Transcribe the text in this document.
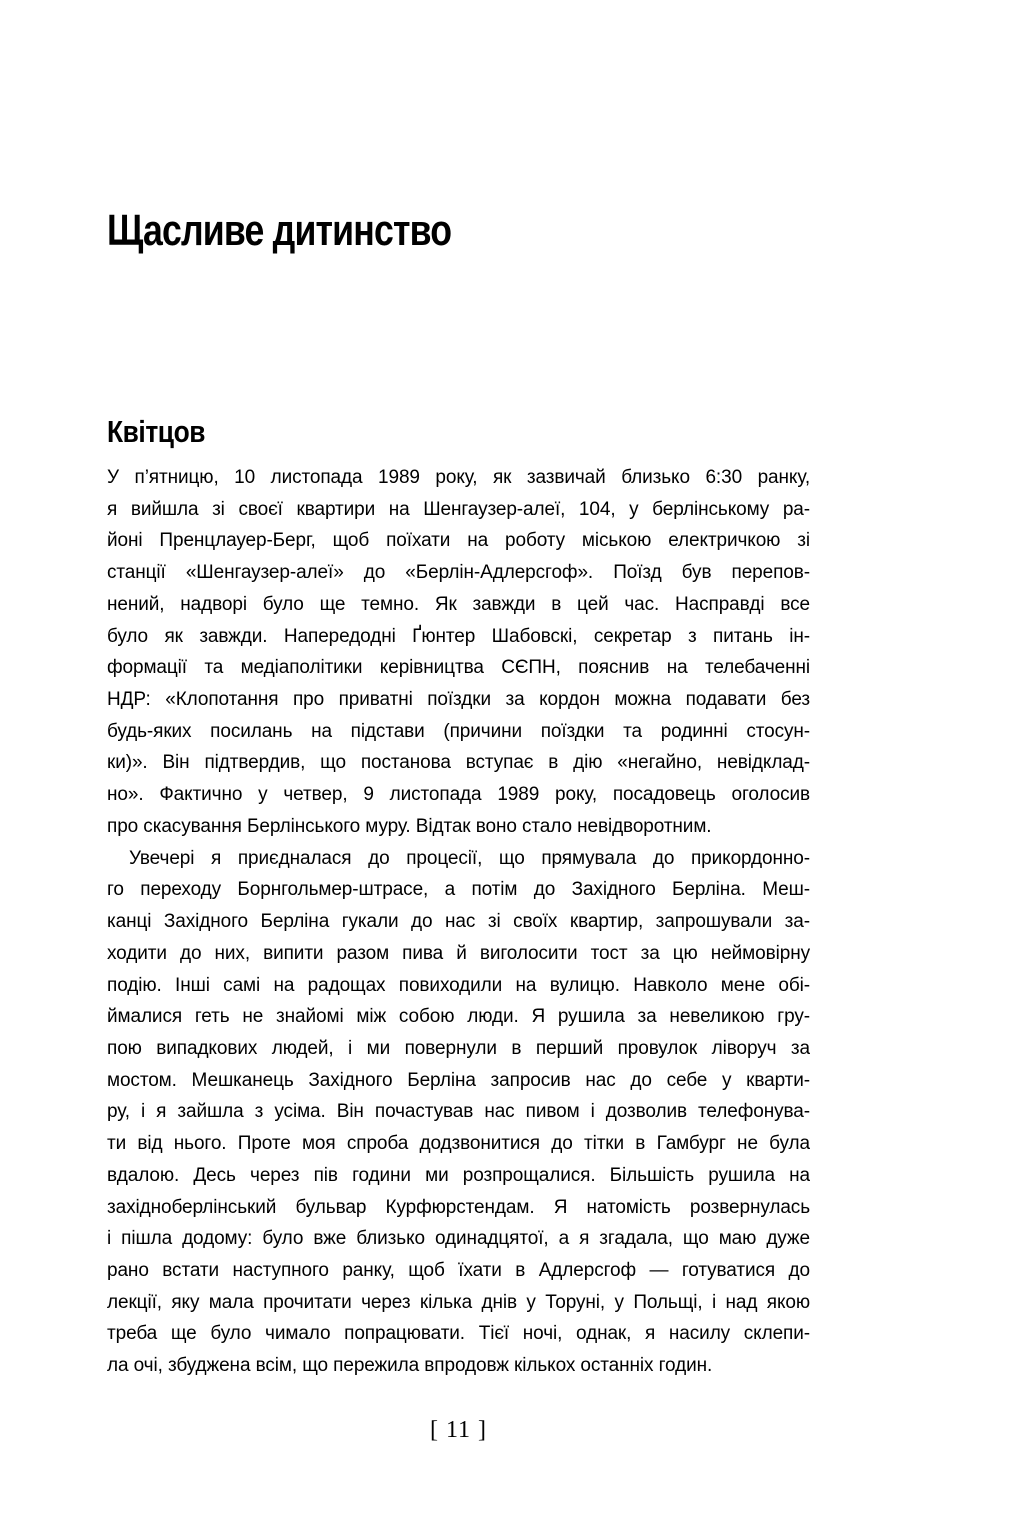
Щасливе дитинство
Квітцов
У п’ятницю, 10 листопада 1989 року, як зазвичай близько 6:30 ранку,
я вийшла зі своєї квартири на Шенгаузер-алеї, 104, у берлінському ра-
йоні Пренцлауер-Берг, щоб поїхати на роботу міською електричкою зі
станції «Шенгаузер-алеї» до «Берлін-Адлерсгоф». Поїзд був перепов-
нений, надворі було ще темно. Як завжди в цей час. Насправді все
було як завжди. Напередодні Ґюнтер Шабовскі, секретар з питань ін-
формації та медіаполітики керівництва СЄПН, пояснив на телебаченні
НДР: «Клопотання про приватні поїздки за кордон можна подавати без
будь-яких посилань на підстави (причини поїздки та родинні стосун-
ки)». Він підтвердив, що постанова вступає в дію «негайно, невідклад-
но». Фактично у четвер, 9 листопада 1989 року, посадовець оголосив
про скасування Берлінського муру. Відтак воно стало невідворотним.
Увечері я приєдналася до процесії, що прямувала до прикордонно-
го переходу Борнгольмер-штрасе, а потім до Західного Берліна. Меш-
канці Західного Берліна гукали до нас зі своїх квартир, запрошували за-
ходити до них, випити разом пива й виголосити тост за цю неймовірну
подію. Інші самі на радощах повиходили на вулицю. Навколо мене обі-
ймалися геть не знайомі між собою люди. Я рушила за невеликою гру-
пою випадкових людей, і ми повернули в перший провулок ліворуч за
мостом. Мешканець Західного Берліна запросив нас до себе у кварти-
ру, і я зайшла з усіма. Він почастував нас пивом і дозволив телефонува-
ти від нього. Проте моя спроба додзвонитися до тітки в Гамбург не була
вдалою. Десь через пів години ми розпрощалися. Більшість рушила на
західноберлінський бульвар Курфюрстендам. Я натомість розвернулась
і пішла додому: було вже близько одинадцятої, а я згадала, що маю дуже
рано встати наступного ранку, щоб їхати в Адлерсгоф — готуватися до
лекції, яку мала прочитати через кілька днів у Торуні, у Польщі, і над якою
треба ще було чимало попрацювати. Тієї ночі, однак, я насилу склепи-
ла очі, збуджена всім, що пережила впродовж кількох останніх годин.
[ 11 ]
